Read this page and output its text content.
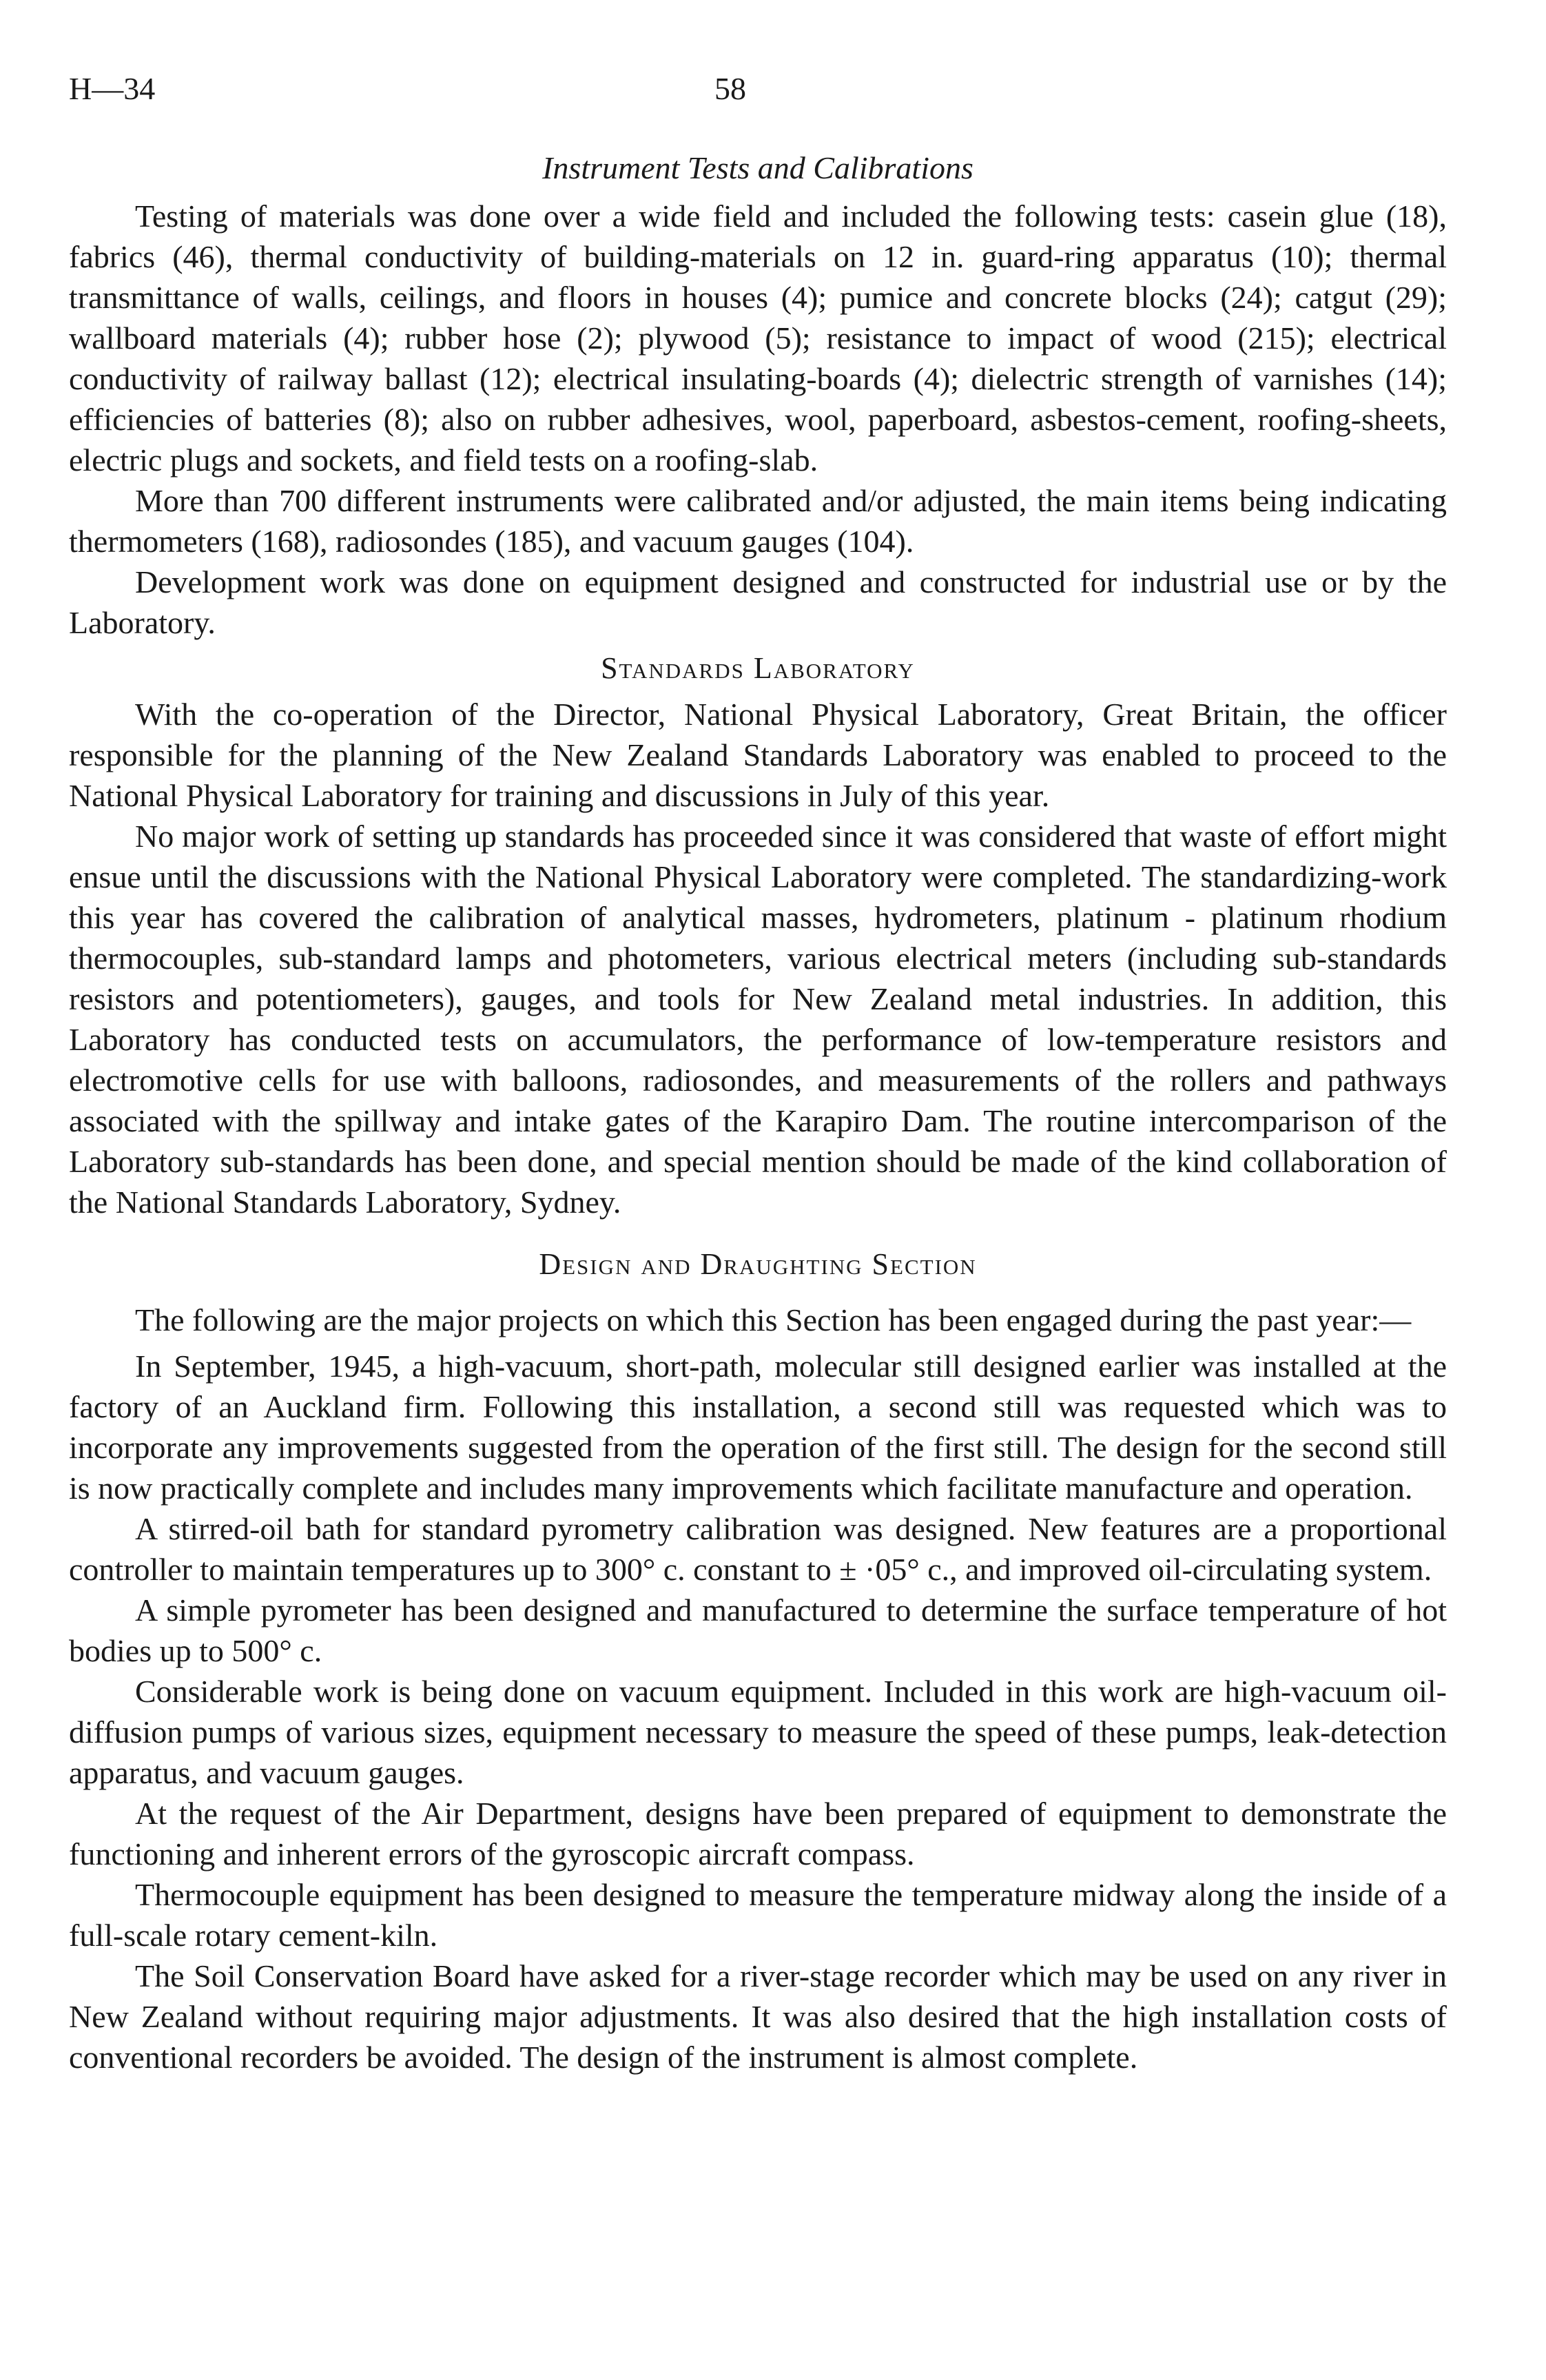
H—34	58
Instrument Tests and Calibrations

Testing of materials was done over a wide field and included the following tests: casein glue (18), fabrics (46), thermal conductivity of building-materials on 12 in. guard-ring apparatus (10); thermal transmittance of walls, ceilings, and floors in houses (4); pumice and concrete blocks (24); catgut (29); wallboard materials (4); rubber hose (2); plywood (5); resistance to impact of wood (215); electrical conductivity of railway ballast (12); electrical insulating-boards (4); dielectric strength of varnishes (14); efficiencies of batteries (8); also on rubber adhesives, wool, paperboard, asbestos-cement, roofing-sheets, electric plugs and sockets, and field tests on a roofing-slab.

More than 700 different instruments were calibrated and/or adjusted, the main items being indicating thermometers (168), radiosondes (185), and vacuum gauges (104).

Development work was done on equipment designed and constructed for industrial use or by the Laboratory.

Standards Laboratory

With the co-operation of the Director, National Physical Laboratory, Great Britain, the officer responsible for the planning of the New Zealand Standards Laboratory was enabled to proceed to the National Physical Laboratory for training and discussions in July of this year.

No major work of setting up standards has proceeded since it was considered that waste of effort might ensue until the discussions with the National Physical Laboratory were completed. The standardizing-work this year has covered the calibration of analytical masses, hydrometers, platinum - platinum rhodium thermocouples, sub-standard lamps and photometers, various electrical meters (including sub-standards resistors and potentiometers), gauges, and tools for New Zealand metal industries. In addition, this Laboratory has conducted tests on accumulators, the performance of low-temperature resistors and electromotive cells for use with balloons, radiosondes, and measurements of the rollers and pathways associated with the spillway and intake gates of the Karapiro Dam. The routine intercomparison of the Laboratory sub-standards has been done, and special mention should be made of the kind collaboration of the National Standards Laboratory, Sydney.

Design and Draughting Section

The following are the major projects on which this Section has been engaged during the past year:—

In September, 1945, a high-vacuum, short-path, molecular still designed earlier was installed at the factory of an Auckland firm. Following this installation, a second still was requested which was to incorporate any improvements suggested from the operation of the first still. The design for the second still is now practically complete and includes many improvements which facilitate manufacture and operation.

A stirred-oil bath for standard pyrometry calibration was designed. New features are a proportional controller to maintain temperatures up to 300° c. constant to ± ·05° c., and improved oil-circulating system.

A simple pyrometer has been designed and manufactured to determine the surface temperature of hot bodies up to 500° c.

Considerable work is being done on vacuum equipment. Included in this work are high-vacuum oil-diffusion pumps of various sizes, equipment necessary to measure the speed of these pumps, leak-detection apparatus, and vacuum gauges.

At the request of the Air Department, designs have been prepared of equipment to demonstrate the functioning and inherent errors of the gyroscopic aircraft compass.

Thermocouple equipment has been designed to measure the temperature midway along the inside of a full-scale rotary cement-kiln.

The Soil Conservation Board have asked for a river-stage recorder which may be used on any river in New Zealand without requiring major adjustments. It was also desired that the high installation costs of conventional recorders be avoided. The design of the instrument is almost complete.
